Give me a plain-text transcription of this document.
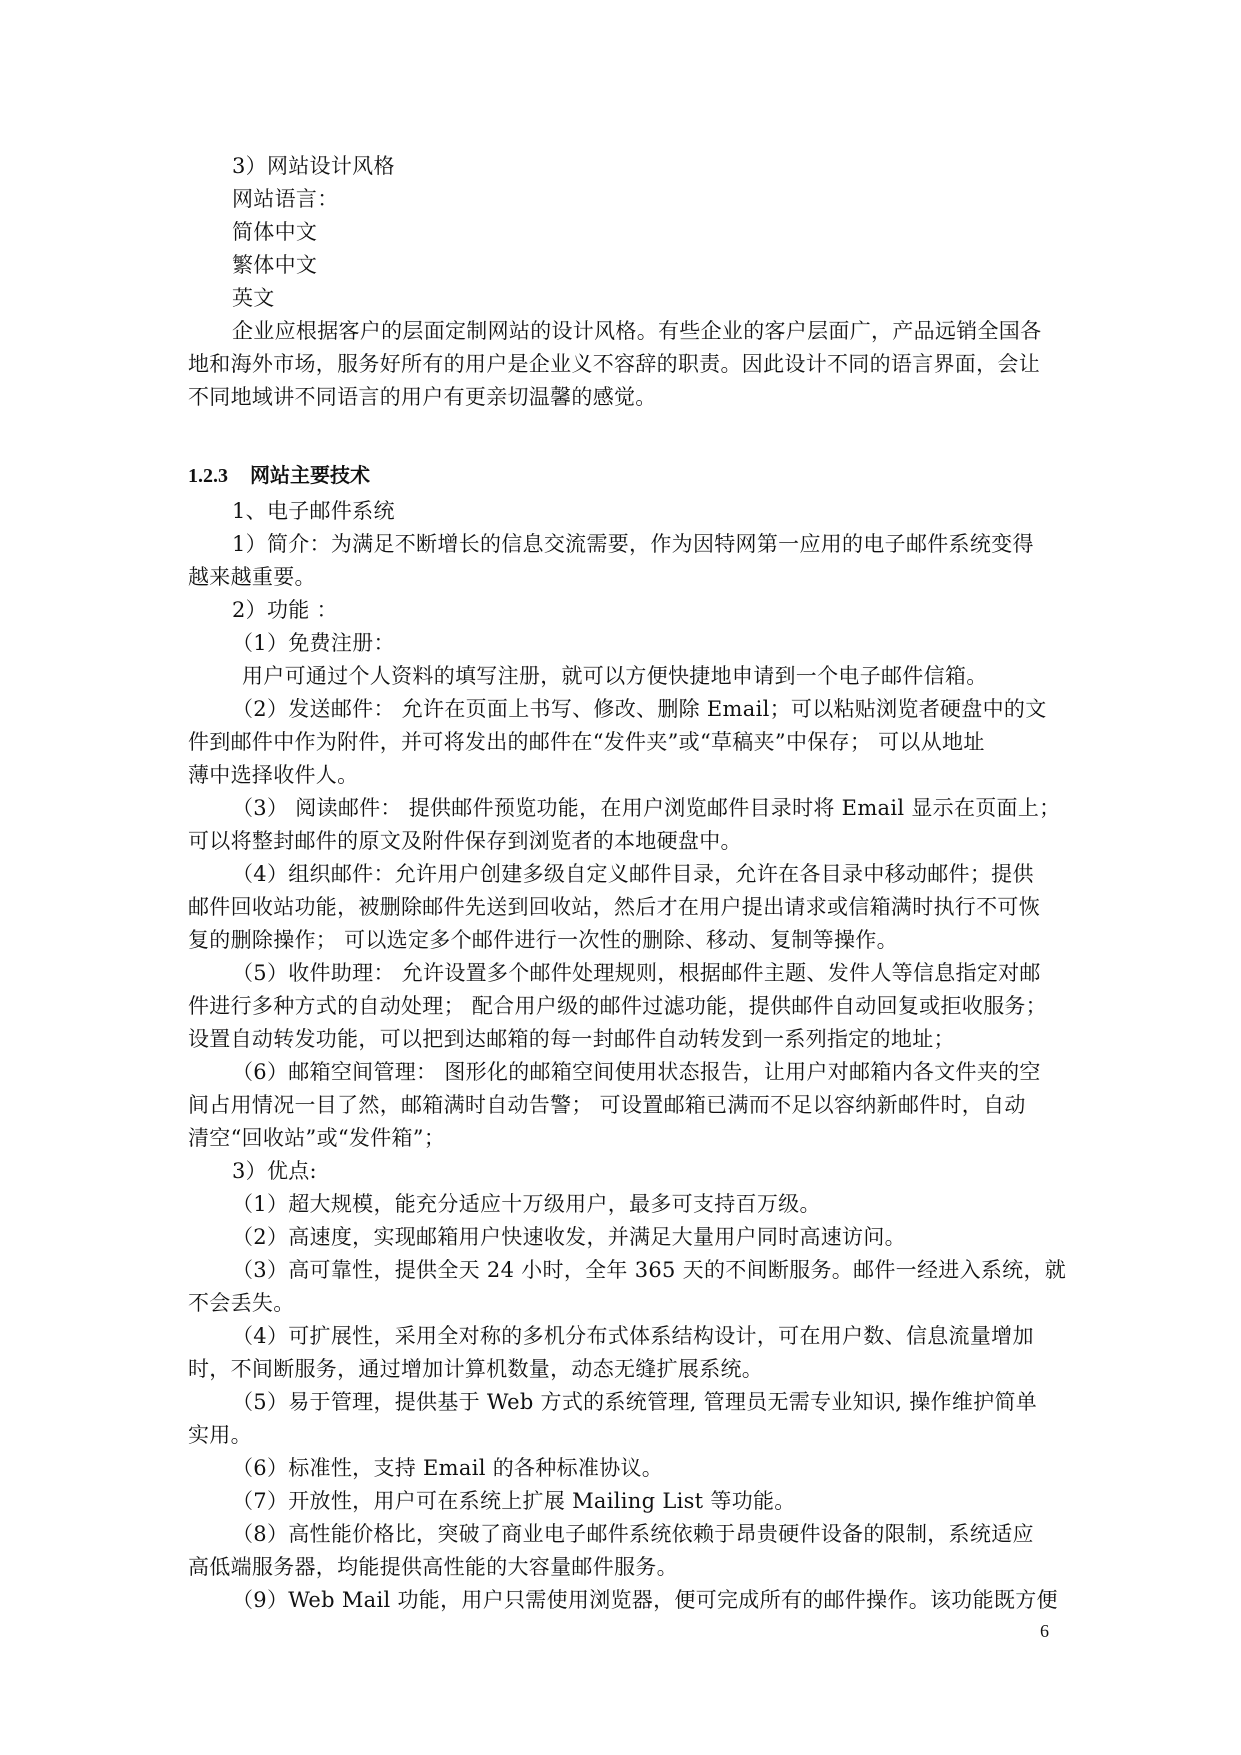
3）网站设计风格
网站语言：
简体中文
繁体中文
英文
企业应根据客户的层面定制网站的设计风格。有些企业的客户层面广，产品远销全国各
地和海外市场，服务好所有的用户是企业义不容辞的职责。因此设计不同的语言界面，会让
不同地域讲不同语言的用户有更亲切温馨的感觉。
1.2.3 网站主要技术
1、电子邮件系统
1）简介：为满足不断增长的信息交流需要，作为因特网第一应用的电子邮件系统变得
越来越重要。
2）功能 ：
（1）免费注册：
用户可通过个人资料的填写注册，就可以方便快捷地申请到一个电子邮件信箱。
（2）发送邮件： 允许在页面上书写、修改、删除 Email；可以粘贴浏览者硬盘中的文
件到邮件中作为附件，并可将发出的邮件在“发件夹”或“草稿夹”中保存； 可以从地址
薄中选择收件人。
（3） 阅读邮件： 提供邮件预览功能，在用户浏览邮件目录时将 Email 显示在页面上；
可以将整封邮件的原文及附件保存到浏览者的本地硬盘中。
（4）组织邮件：允许用户创建多级自定义邮件目录，允许在各目录中移动邮件；提供
邮件回收站功能，被删除邮件先送到回收站，然后才在用户提出请求或信箱满时执行不可恢
复的删除操作； 可以选定多个邮件进行一次性的删除、移动、复制等操作。
（5）收件助理： 允许设置多个邮件处理规则，根据邮件主题、发件人等信息指定对邮
件进行多种方式的自动处理； 配合用户级的邮件过滤功能，提供邮件自动回复或拒收服务；
设置自动转发功能，可以把到达邮箱的每一封邮件自动转发到一系列指定的地址；
（6）邮箱空间管理： 图形化的邮箱空间使用状态报告，让用户对邮箱内各文件夹的空
间占用情况一目了然，邮箱满时自动告警； 可设置邮箱已满而不足以容纳新邮件时，自动
清空“回收站”或“发件箱”；
3）优点:
（1）超大规模，能充分适应十万级用户，最多可支持百万级。
（2）高速度，实现邮箱用户快速收发，并满足大量用户同时高速访问。
（3）高可靠性，提供全天 24 小时，全年 365 天的不间断服务。邮件一经进入系统，就
不会丢失。
（4）可扩展性，采用全对称的多机分布式体系结构设计，可在用户数、信息流量增加
时，不间断服务，通过增加计算机数量，动态无缝扩展系统。
（5）易于管理，提供基于 Web 方式的系统管理, 管理员无需专业知识, 操作维护简单
实用。
（6）标准性，支持 Email 的各种标准协议。
（7）开放性，用户可在系统上扩展 Mailing List 等功能。
（8）高性能价格比，突破了商业电子邮件系统依赖于昂贵硬件设备的限制，系统适应
高低端服务器，均能提供高性能的大容量邮件服务。
（9）Web Mail 功能，用户只需使用浏览器，便可完成所有的邮件操作。该功能既方便
6
